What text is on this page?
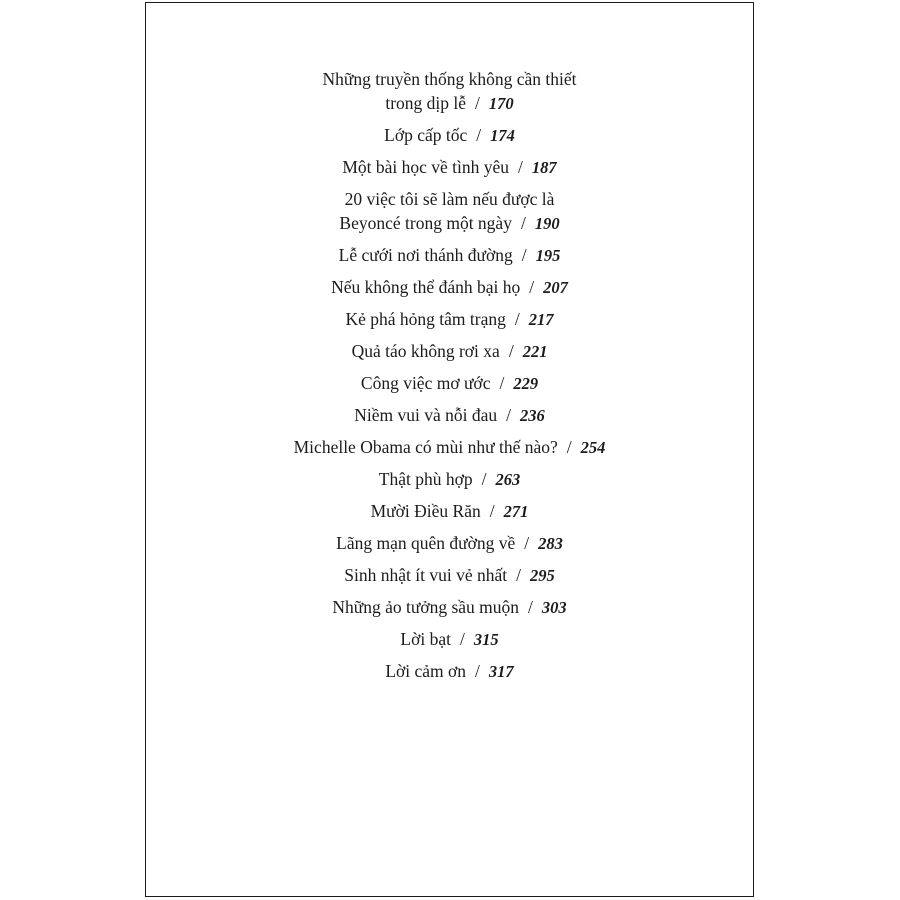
Những truyền thống không cần thiết
trong dịp lễ / 170
Lớp cấp tốc / 174
Một bài học về tình yêu / 187
20 việc tôi sẽ làm nếu được là
Beyoncé trong một ngày / 190
Lễ cưới nơi thánh đường / 195
Nếu không thể đánh bại họ / 207
Kẻ phá hỏng tâm trạng / 217
Quả táo không rơi xa / 221
Công việc mơ ước / 229
Niềm vui và nỗi đau / 236
Michelle Obama có mùi như thế nào? / 254
Thật phù hợp / 263
Mười Điều Răn / 271
Lãng mạn quên đường về / 283
Sinh nhật ít vui vẻ nhất / 295
Những ảo tưởng sầu muộn / 303
Lời bạt / 315
Lời cảm ơn / 317
